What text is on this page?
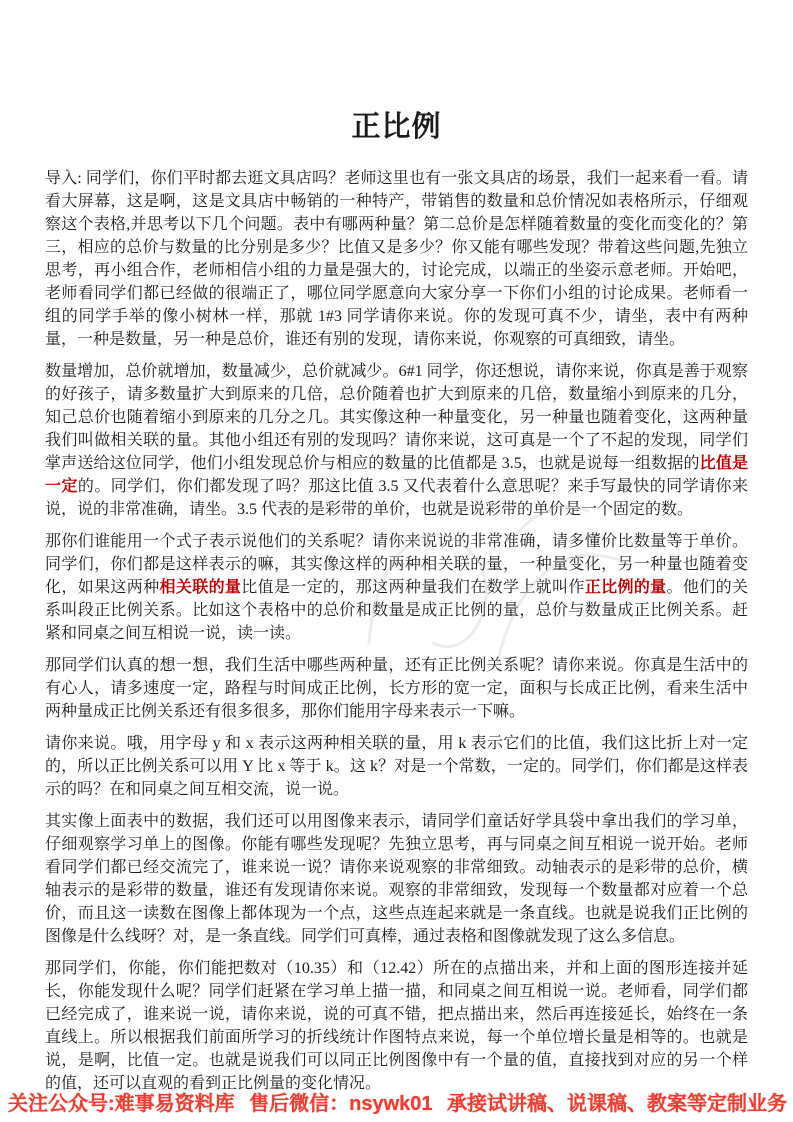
正比例

导入: 同学们，你们平时都去逛文具店吗？老师这里也有一张文具店的场景，我们一起来看一看。请看大屏幕，这是啊，这是文具店中畅销的一种特产，带销售的数量和总价情况如表格所示，仔细观察这个表格,并思考以下几个问题。表中有哪两种量？第二总价是怎样随着数量的变化而变化的？第三，相应的总价与数量的比分别是多少？比值又是多少？你又能有哪些发现？带着这些问题,先独立思考，再小组合作，老师相信小组的力量是强大的，讨论完成，以端正的坐姿示意老师。开始吧，老师看同学们都已经做的很端正了，哪位同学愿意向大家分享一下你们小组的讨论成果。老师看一组的同学手举的像小树林一样，那就 1#3 同学请你来说。你的发现可真不少，请坐，表中有两种量，一种是数量，另一种是总价，谁还有别的发现，请你来说，你观察的可真细致，请坐。

数量增加，总价就增加，数量减少，总价就减少。6#1 同学，你还想说，请你来说，你真是善于观察的好孩子，请多数量扩大到原来的几倍，总价随着也扩大到原来的几倍，数量缩小到原来的几分，知己总价也随着缩小到原来的几分之几。其实像这种一种量变化，另一种量也随着变化，这两种量我们叫做相关联的量。其他小组还有别的发现吗？请你来说，这可真是一个了不起的发现，同学们掌声送给这位同学，他们小组发现总价与相应的数量的比值都是 3.5，也就是说每一组数据的比值是一定的。同学们，你们都发现了吗？那这比值 3.5 又代表着什么意思呢？来手写最快的同学请你来说，说的非常准确，请坐。3.5 代表的是彩带的单价，也就是说彩带的单价是一个固定的数。

那你们谁能用一个式子表示说他们的关系呢？请你来说说的非常准确，请多懂价比数量等于单价。同学们，你们都是这样表示的嘛，其实像这样的两种相关联的量，一种量变化，另一种量也随着变化，如果这两种相关联的量比值是一定的，那这两种量我们在数学上就叫作正比例的量。他们的关系叫段正比例关系。比如这个表格中的总价和数量是成正比例的量，总价与数量成正比例关系。赶紧和同桌之间互相说一说，读一读。

那同学们认真的想一想，我们生活中哪些两种量，还有正比例关系呢？请你来说。你真是生活中的有心人，请多速度一定，路程与时间成正比例，长方形的宽一定，面积与长成正比例，看来生活中两种量成正比例关系还有很多很多，那你们能用字母来表示一下嘛。

请你来说。哦，用字母 y 和 x 表示这两种相关联的量，用 k 表示它们的比值，我们这比折上对一定的，所以正比例关系可以用 Y 比 x 等于 k。这 k？对是一个常数，一定的。同学们，你们都是这样表示的吗？在和同桌之间互相交流，说一说。

其实像上面表中的数据，我们还可以用图像来表示，请同学们童话好学具袋中拿出我们的学习单，仔细观察学习单上的图像。你能有哪些发现呢？先独立思考，再与同桌之间互相说一说开始。老师看同学们都已经交流完了，谁来说一说？请你来说观察的非常细致。动轴表示的是彩带的总价，横轴表示的是彩带的数量，谁还有发现请你来说。观察的非常细致，发现每一个数量都对应着一个总价，而且这一读数在图像上都体现为一个点，这些点连起来就是一条直线。也就是说我们正比例的图像是什么线呀？对，是一条直线。同学们可真棒，通过表格和图像就发现了这么多信息。

那同学们，你能，你们能把数对（10.35）和（12.42）所在的点描出来，并和上面的图形连接并延长，你能发现什么呢？同学们赶紧在学习单上描一描，和同桌之间互相说一说。老师看，同学们都已经完成了，谁来说一说，请你来说，说的可真不错，把点描出来，然后再连接延长，始终在一条直线上。所以根据我们前面所学习的折线统计作图特点来说，每一个单位增长量是相等的。也就是说，是啊，比值一定。也就是说我们可以同正比例图像中有一个量的值，直接找到对应的另一个样的值，还可以直观的看到正比例量的变化情况。

关注公众号:难事易资料库 售后微信：nsywk01 承接试讲稿、说课稿、教案等定制业务
